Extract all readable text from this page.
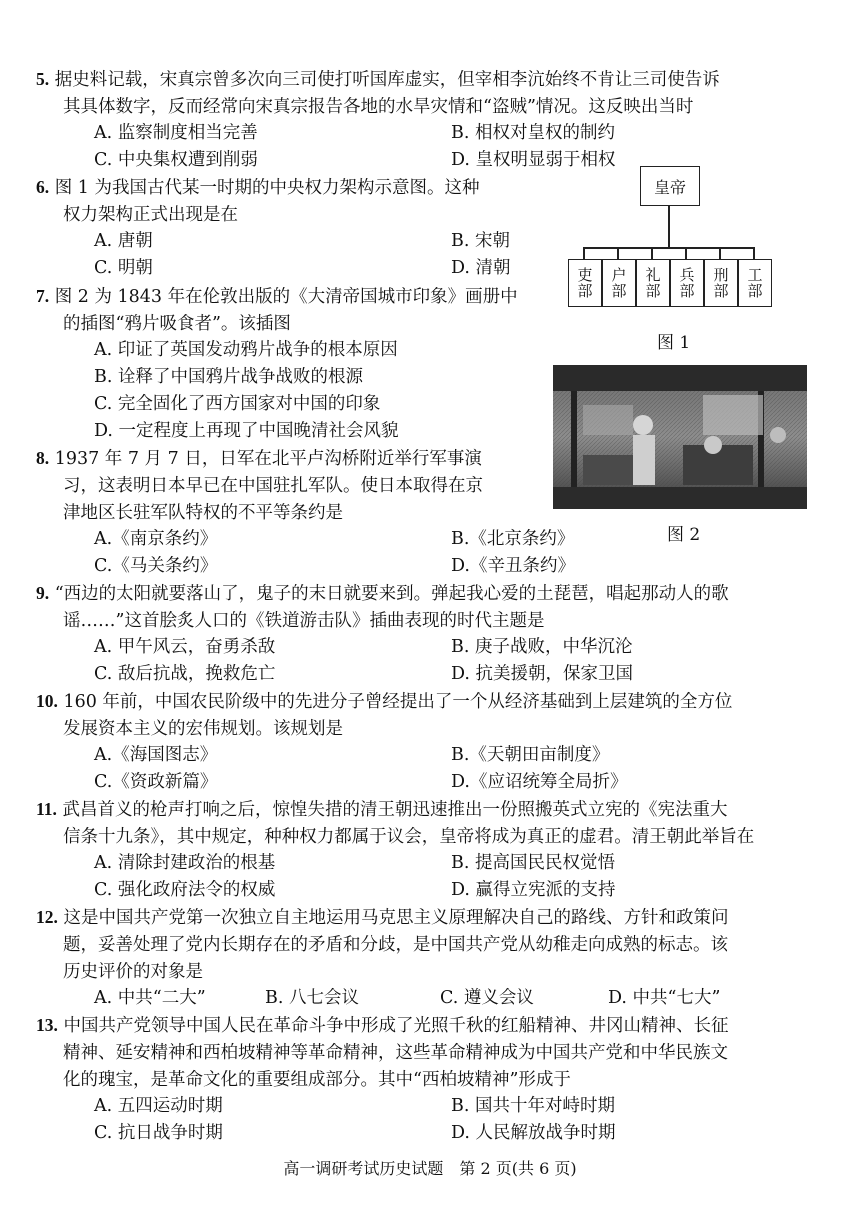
5. 据史料记载，宋真宗曾多次向三司使打听国库虚实，但宰相李沆始终不肯让三司使告诉
其具体数字，反而经常向宋真宗报告各地的水旱灾情和“盗贼”情况。这反映出当时
A. 监察制度相当完善	B. 相权对皇权的制约
C. 中央集权遭到削弱	D. 皇权明显弱于相权
6. 图 1 为我国古代某一时期的中央权力架构示意图。这种
权力架构正式出现是在
A. 唐朝	B. 宋朝
C. 明朝	D. 清朝
皇帝
吏部	户部	礼部	兵部	刑部	工部
图 1
7. 图 2 为 1843 年在伦敦出版的《大清帝国城市印象》画册中
的插图“鸦片吸食者”。该插图
A. 印证了英国发动鸦片战争的根本原因
B. 诠释了中国鸦片战争战败的根源
C. 完全固化了西方国家对中国的印象
D. 一定程度上再现了中国晚清社会风貌
图 2
8. 1937 年 7 月 7 日，日军在北平卢沟桥附近举行军事演
习，这表明日本早已在中国驻扎军队。使日本取得在京
津地区长驻军队特权的不平等条约是
A.《南京条约》	B.《北京条约》
C.《马关条约》	D.《辛丑条约》
9. “西边的太阳就要落山了，鬼子的末日就要来到。弹起我心爱的土琵琶，唱起那动人的歌
谣……”这首脍炙人口的《铁道游击队》插曲表现的时代主题是
A. 甲午风云，奋勇杀敌	B. 庚子战败，中华沉沦
C. 敌后抗战，挽救危亡	D. 抗美援朝，保家卫国
10. 160 年前，中国农民阶级中的先进分子曾经提出了一个从经济基础到上层建筑的全方位
发展资本主义的宏伟规划。该规划是
A.《海国图志》	B.《天朝田亩制度》
C.《资政新篇》	D.《应诏统筹全局折》
11. 武昌首义的枪声打响之后，惊惶失措的清王朝迅速推出一份照搬英式立宪的《宪法重大
信条十九条》，其中规定，种种权力都属于议会，皇帝将成为真正的虚君。清王朝此举旨在
A. 清除封建政治的根基	B. 提高国民民权觉悟
C. 强化政府法令的权威	D. 赢得立宪派的支持
12. 这是中国共产党第一次独立自主地运用马克思主义原理解决自己的路线、方针和政策问
题，妥善处理了党内长期存在的矛盾和分歧，是中国共产党从幼稚走向成熟的标志。该
历史评价的对象是
A. 中共“二大”	B. 八七会议	C. 遵义会议	D. 中共“七大”
13. 中国共产党领导中国人民在革命斗争中形成了光照千秋的红船精神、井冈山精神、长征
精神、延安精神和西柏坡精神等革命精神，这些革命精神成为中国共产党和中华民族文
化的瑰宝，是革命文化的重要组成部分。其中“西柏坡精神”形成于
A. 五四运动时期	B. 国共十年对峙时期
C. 抗日战争时期	D. 人民解放战争时期
高一调研考试历史试题　第 2 页(共 6 页)
